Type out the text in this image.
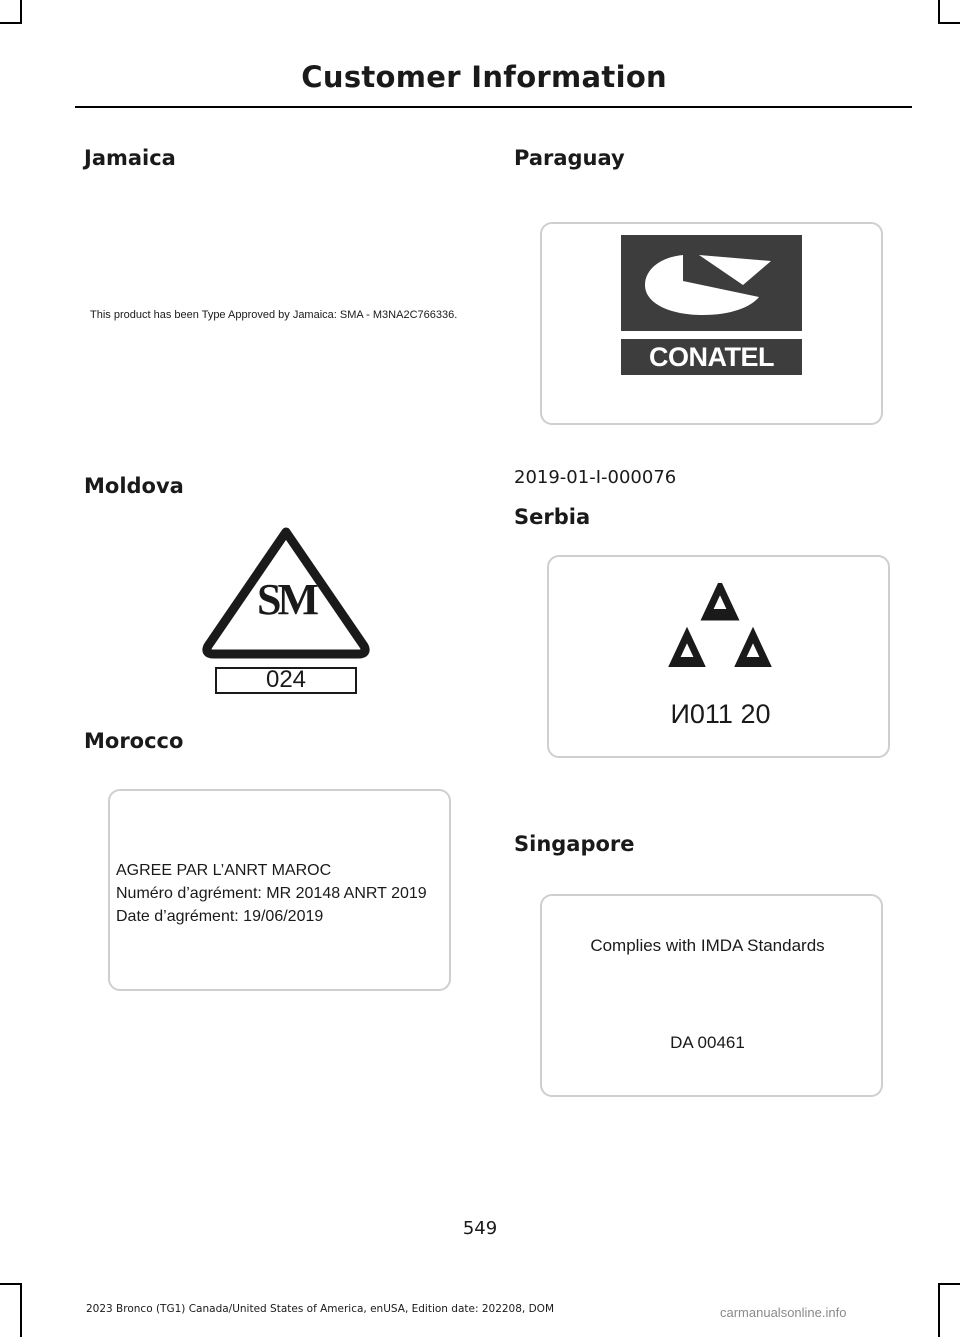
Customer Information
Jamaica
This product has been Type Approved by Jamaica: SMA - M3NA2C766336.
Moldova
SM
024
Morocco
AGREE PAR L’ANRT MAROC
Numéro d’agrément: MR 20148 ANRT 2019
Date d’agrément: 19/06/2019
Paraguay
CONATEL
2019-01-I-000076
Serbia
И011 20
Singapore
Complies with IMDA Standards
DA 00461
549
2023 Bronco (TG1) Canada/United States of America, enUSA, Edition date: 202208, DOM	carmanualsonline.info
